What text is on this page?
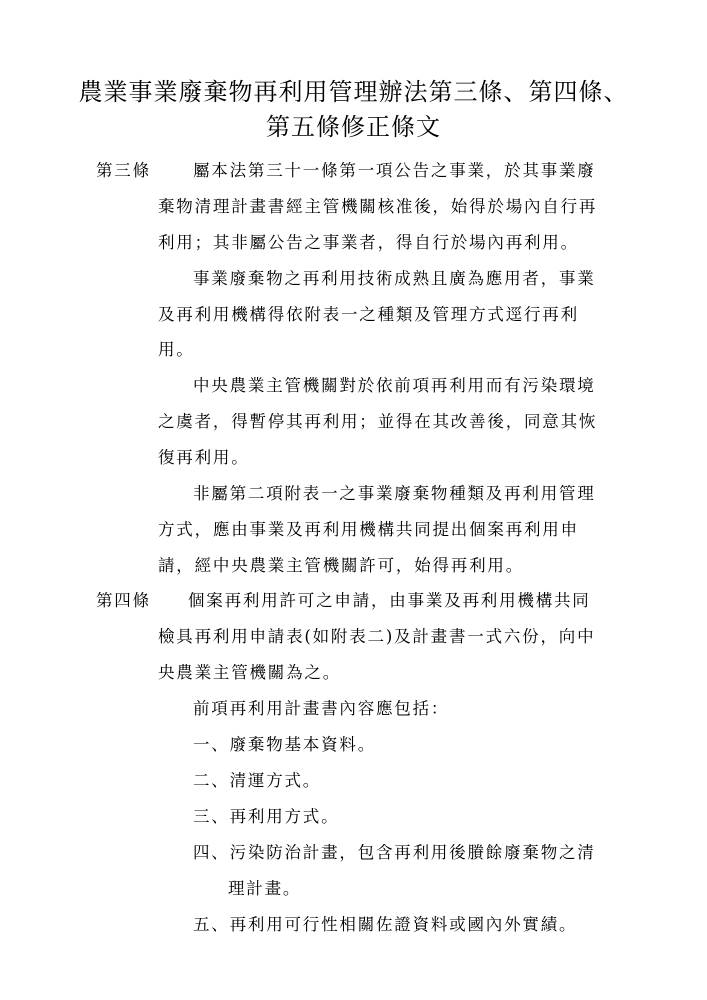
農業事業廢棄物再利用管理辦法第三條、第四條、
第五條修正條文
第三條	屬本法第三十一條第一項公告之事業，於其事業廢
棄物清理計畫書經主管機關核准後，始得於場內自行再
利用；其非屬公告之事業者，得自行於場內再利用。
事業廢棄物之再利用技術成熟且廣為應用者，事業
及再利用機構得依附表一之種類及管理方式逕行再利
用。
中央農業主管機關對於依前項再利用而有污染環境
之虞者，得暫停其再利用；並得在其改善後，同意其恢
復再利用。
非屬第二項附表一之事業廢棄物種類及再利用管理
方式，應由事業及再利用機構共同提出個案再利用申
請，經中央農業主管機關許可，始得再利用。
第四條 個案再利用許可之申請，由事業及再利用機構共同
檢具再利用申請表(如附表二)及計畫書一式六份，向中
央農業主管機關為之。
前項再利用計畫書內容應包括：
一、廢棄物基本資料。
二、清運方式。
三、再利用方式。
四、污染防治計畫，包含再利用後賸餘廢棄物之清
理計畫。
五、再利用可行性相關佐證資料或國內外實績。
